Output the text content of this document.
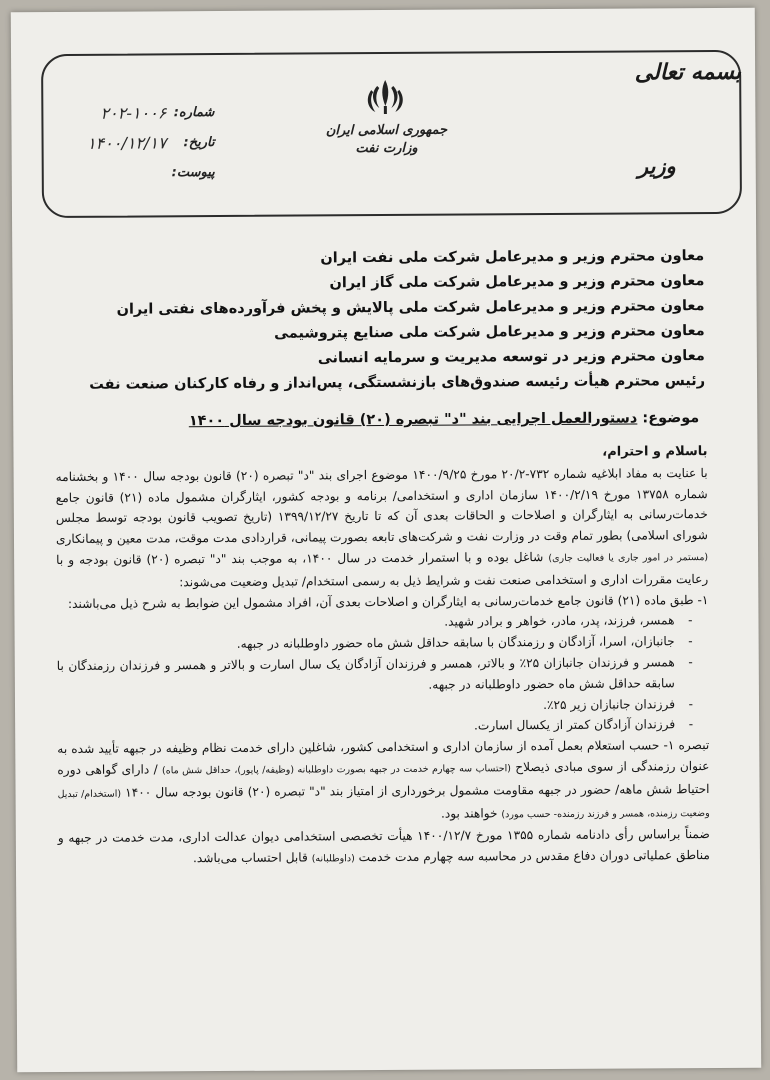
بسمه تعالی
وزیر
جمهوری اسلامی ایران
وزارت نفت
شماره:
۲۰۲-۱۰۰۶
تاریخ:
۱۴۰۰/۱۲/۱۷
پیوست:
معاون محترم وزیر و مدیرعامل شرکت ملی نفت ایران
معاون محترم وزیر و مدیرعامل شرکت ملی گاز ایران
معاون محترم وزیر و مدیرعامل شرکت ملی پالایش و پخش فرآورده‌های نفتی ایران
معاون محترم وزیر و مدیرعامل شرکت ملی صنایع پتروشیمی
معاون محترم وزیر در توسعه مدیریت و سرمایه انسانی
رئیس محترم هیأت رئیسه صندوق‌های بازنشستگی، پس‌انداز و رفاه کارکنان صنعت نفت
موضوع: دستورالعمل اجرایی بند "د" تبصره (۲۰) قانون بودجه سال ۱۴۰۰

باسلام و احترام،

با عنایت به مفاد ابلاغیه شماره ۷۳۲-۲۰/۲ مورخ ۱۴۰۰/۹/۲۵ موضوع اجرای بند "د" تبصره (۲۰) قانون بودجه سال ۱۴۰۰ و بخشنامه شماره ۱۳۷۵۸ مورخ ۱۴۰۰/۲/۱۹ سازمان اداری و استخدامی/ برنامه و بودجه کشور، ایثارگران مشمول ماده (۲۱) قانون جامع خدمات‌رسانی به ایثارگران و اصلاحات و الحاقات بعدی آن که تا تاریخ ۱۳۹۹/۱۲/۲۷ (تاریخ تصویب قانون بودجه توسط مجلس شورای اسلامی) بطور تمام وقت در وزارت نفت و شرکت‌های تابعه بصورت پیمانی، قراردادی مدت موقت، مدت معین و پیمانکاری (مستمر در امور جاری یا فعالیت جاری) شاغل بوده و با استمرار خدمت در سال ۱۴۰۰، به موجب بند "د" تبصره (۲۰) قانون بودجه و با رعایت مقررات اداری و استخدامی صنعت نفت و شرایط ذیل به رسمی استخدام/ تبدیل وضعیت می‌شوند:

۱- طبق ماده (۲۱) قانون جامع خدمات‌رسانی به ایثارگران و اصلاحات بعدی آن، افراد مشمول این ضوابط به شرح ذیل می‌باشند:

- همسر، فرزند، پدر، مادر، خواهر و برادر شهید.
- جانبازان، اسرا، آزادگان و رزمندگان با سابقه حداقل شش ماه حضور داوطلبانه در جبهه.
- همسر و فرزندان جانبازان ۲۵٪ و بالاتر، همسر و فرزندان آزادگان یک سال اسارت و بالاتر و همسر و فرزندان رزمندگان با سابقه حداقل شش ماه حضور داوطلبانه در جبهه.
- فرزندان جانبازان زیر ۲۵٪.
- فرزندان آزادگان کمتر از یکسال اسارت.

تبصره ۱- حسب استعلام بعمل آمده از سازمان اداری و استخدامی کشور، شاغلین دارای خدمت نظام وظیفه در جبهه تأیید شده به عنوان رزمندگی از سوی مبادی ذیصلاح (احتساب سه چهارم خدمت در جبهه بصورت داوطلبانه (وظیفه/ پایور)، حداقل شش ماه) / دارای گواهی دوره احتیاط شش ماهه/ حضور در جبهه مقاومت مشمول برخورداری از امتیاز بند "د" تبصره (۲۰) قانون بودجه سال ۱۴۰۰ (استخدام/ تبدیل وضعیت رزمنده، همسر و فرزند رزمنده- حسب مورد) خواهند بود.

ضمناً براساس رأی دادنامه شماره ۱۳۵۵ مورخ ۱۴۰۰/۱۲/۷ هیأت تخصصی استخدامی دیوان عدالت اداری، مدت خدمت در جبهه و مناطق عملیاتی دوران دفاع مقدس در محاسبه سه چهارم مدت خدمت (داوطلبانه) قابل احتساب می‌باشد.
